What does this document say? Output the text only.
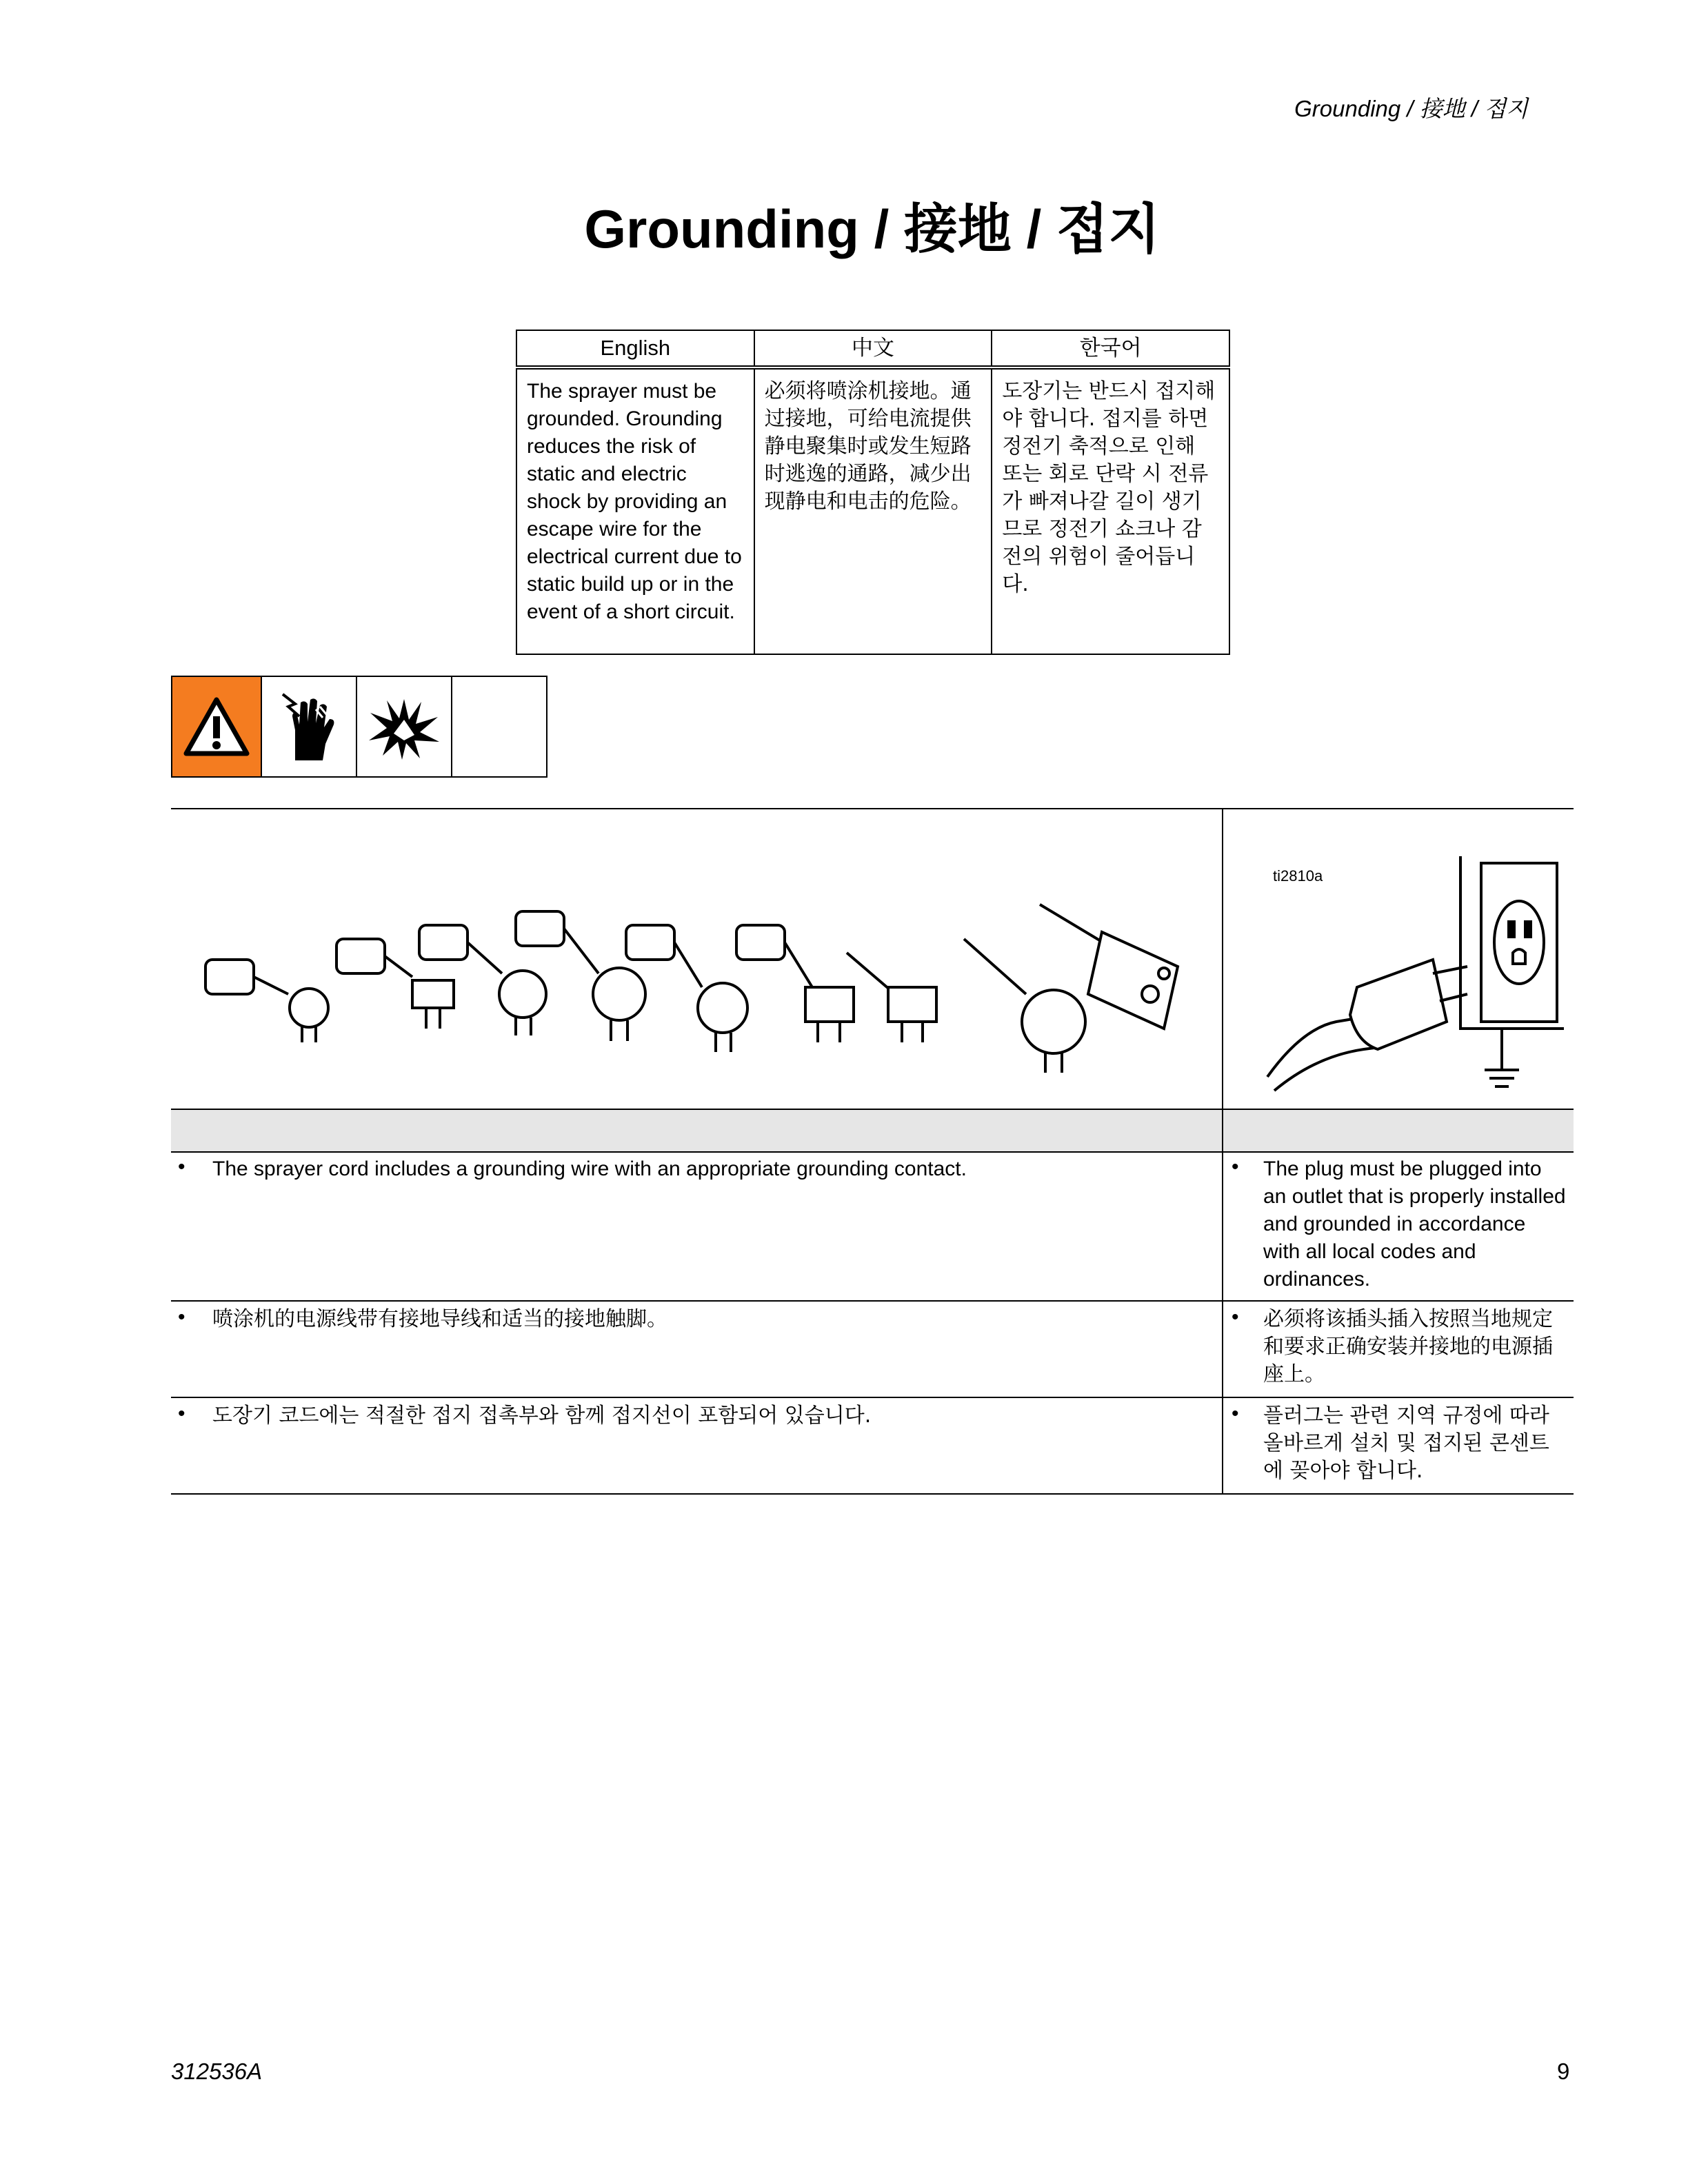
Grounding / 接地 / 접지
Grounding / 接地 / 접지
English	中文	한국어
The sprayer must be grounded. Grounding reduces the risk of static and electric shock by providing an escape wire for the electrical current due to static build up or in the event of a short circuit.	必须将喷涂机接地。通过接地，可给电流提供静电聚集时或发生短路时逃逸的通路，减少出现静电和电击的危险。	도장기는 반드시 접지해야 합니다. 접지를 하면 정전기 축적으로 인해 또는 회로 단락 시 전류가 빠져나갈 길이 생기므로 정전기 쇼크나 감전의 위험이 줄어듭니다.
ti2810a
• The sprayer cord includes a grounding wire with an appropriate grounding contact.	• The plug must be plugged into an outlet that is properly installed and grounded in accordance with all local codes and ordinances.
• 喷涂机的电源线带有接地导线和适当的接地触脚。	• 必须将该插头插入按照当地规定和要求正确安装并接地的电源插座上。
• 도장기 코드에는 적절한 접지 접촉부와 함께 접지선이 포함되어 있습니다.	• 플러그는 관련 지역 규정에 따라 올바르게 설치 및 접지된 콘센트에 꽂아야 합니다.
312536A	9
